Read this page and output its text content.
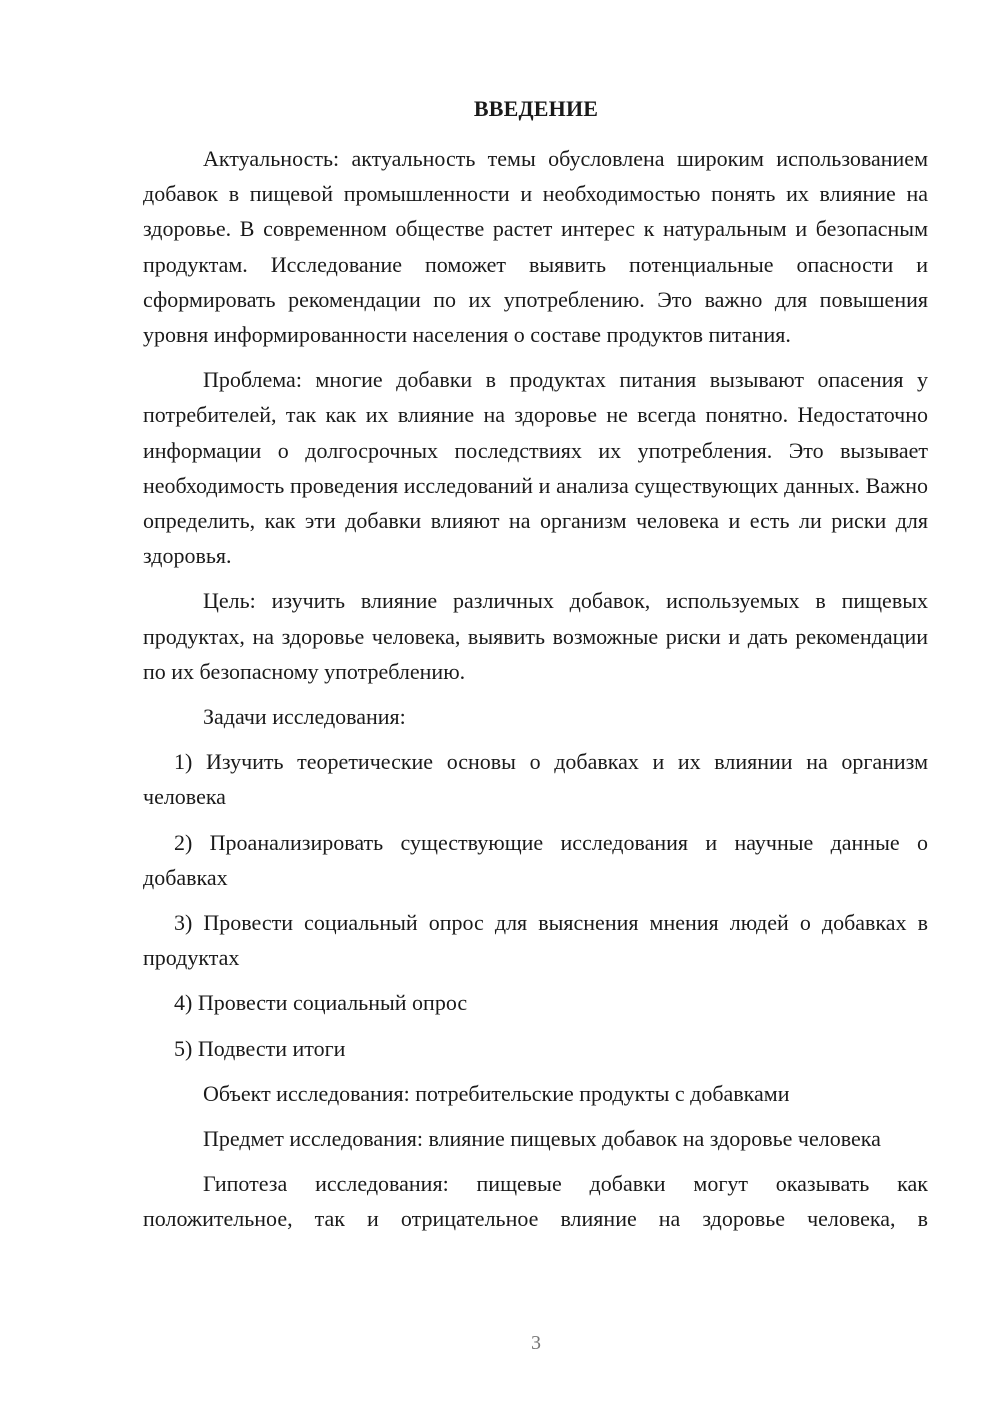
ВВЕДЕНИЕ

Актуальность: актуальность темы обусловлена широким использованием добавок в пищевой промышленности и необходимостью понять их влияние на здоровье. В современном обществе растет интерес к натуральным и безопасным продуктам. Исследование поможет выявить потенциальные опасности и сформировать рекомендации по их употреблению. Это важно для повышения уровня информированности населения о составе продуктов питания.

Проблема: многие добавки в продуктах питания вызывают опасения у потребителей, так как их влияние на здоровье не всегда понятно. Недостаточно информации о долгосрочных последствиях их употребления. Это вызывает необходимость проведения исследований и анализа существующих данных. Важно определить, как эти добавки влияют на организм человека и есть ли риски для здоровья.

Цель: изучить влияние различных добавок, используемых в пищевых продуктах, на здоровье человека, выявить возможные риски и дать рекомендации по их безопасному употреблению.

Задачи исследования:

1) Изучить теоретические основы о добавках и их влиянии на организм человека

2) Проанализировать существующие исследования и научные данные о добавках

3) Провести социальный опрос для выяснения мнения людей о добавках в продуктах

4) Провести социальный опрос

5) Подвести итоги

Объект исследования: потребительские продукты с добавками

Предмет исследования: влияние пищевых добавок на здоровье человека

Гипотеза исследования: пищевые добавки могут оказывать как положительное, так и отрицательное влияние на здоровье человека, в

3
